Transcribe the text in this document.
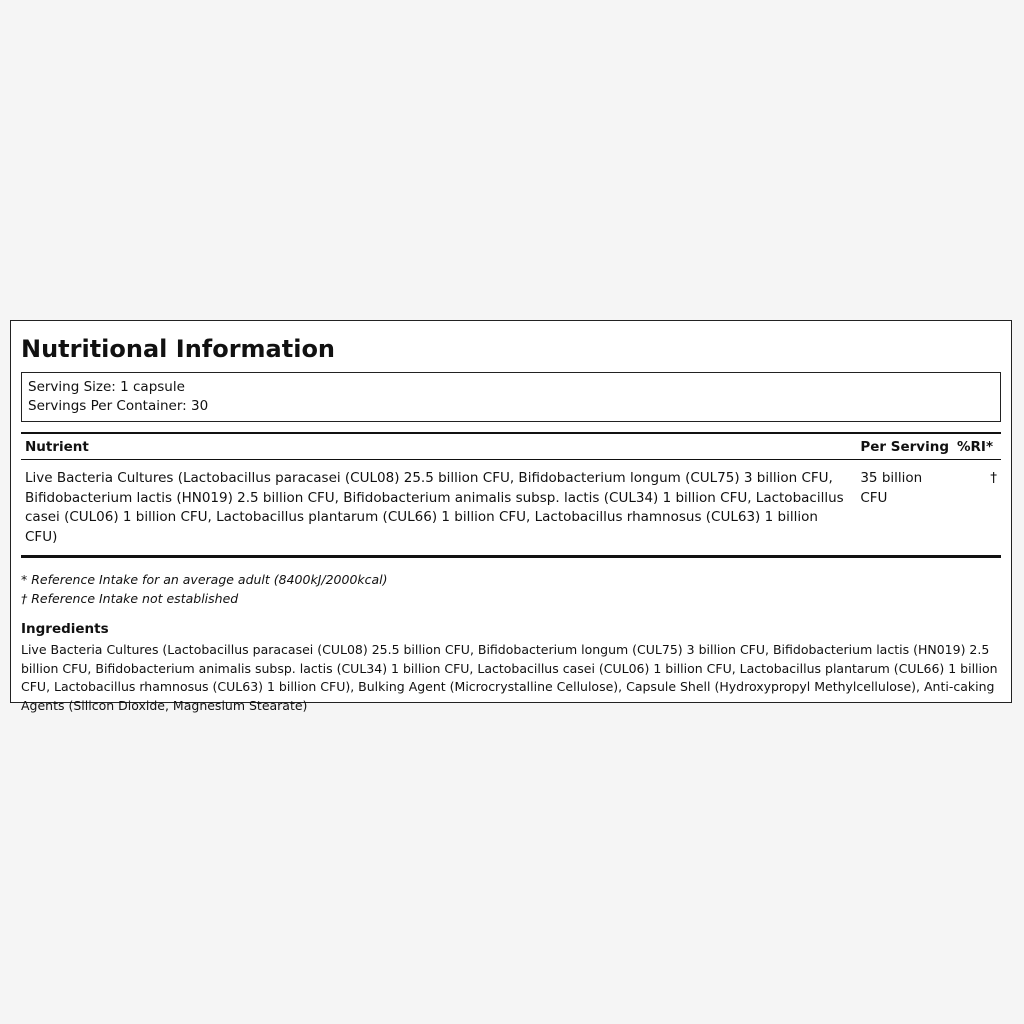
Nutritional Information
Serving Size: 1 capsule
Servings Per Container: 30
Nutrient	Per Serving	%RI*
Live Bacteria Cultures (Lactobacillus paracasei (CUL08) 25.5 billion CFU, Bifidobacterium longum (CUL75) 3 billion CFU, Bifidobacterium lactis (HN019) 2.5 billion CFU, Bifidobacterium animalis subsp. lactis (CUL34) 1 billion CFU, Lactobacillus casei (CUL06) 1 billion CFU, Lactobacillus plantarum (CUL66) 1 billion CFU, Lactobacillus rhamnosus (CUL63) 1 billion CFU)	35 billion CFU	†
* Reference Intake for an average adult (8400kJ/2000kcal)
† Reference Intake not established
Ingredients
Live Bacteria Cultures (Lactobacillus paracasei (CUL08) 25.5 billion CFU, Bifidobacterium longum (CUL75) 3 billion CFU, Bifidobacterium lactis (HN019) 2.5 billion CFU, Bifidobacterium animalis subsp. lactis (CUL34) 1 billion CFU, Lactobacillus casei (CUL06) 1 billion CFU, Lactobacillus plantarum (CUL66) 1 billion CFU, Lactobacillus rhamnosus (CUL63) 1 billion CFU), Bulking Agent (Microcrystalline Cellulose), Capsule Shell (Hydroxypropyl Methylcellulose), Anti-caking Agents (Silicon Dioxide, Magnesium Stearate)
